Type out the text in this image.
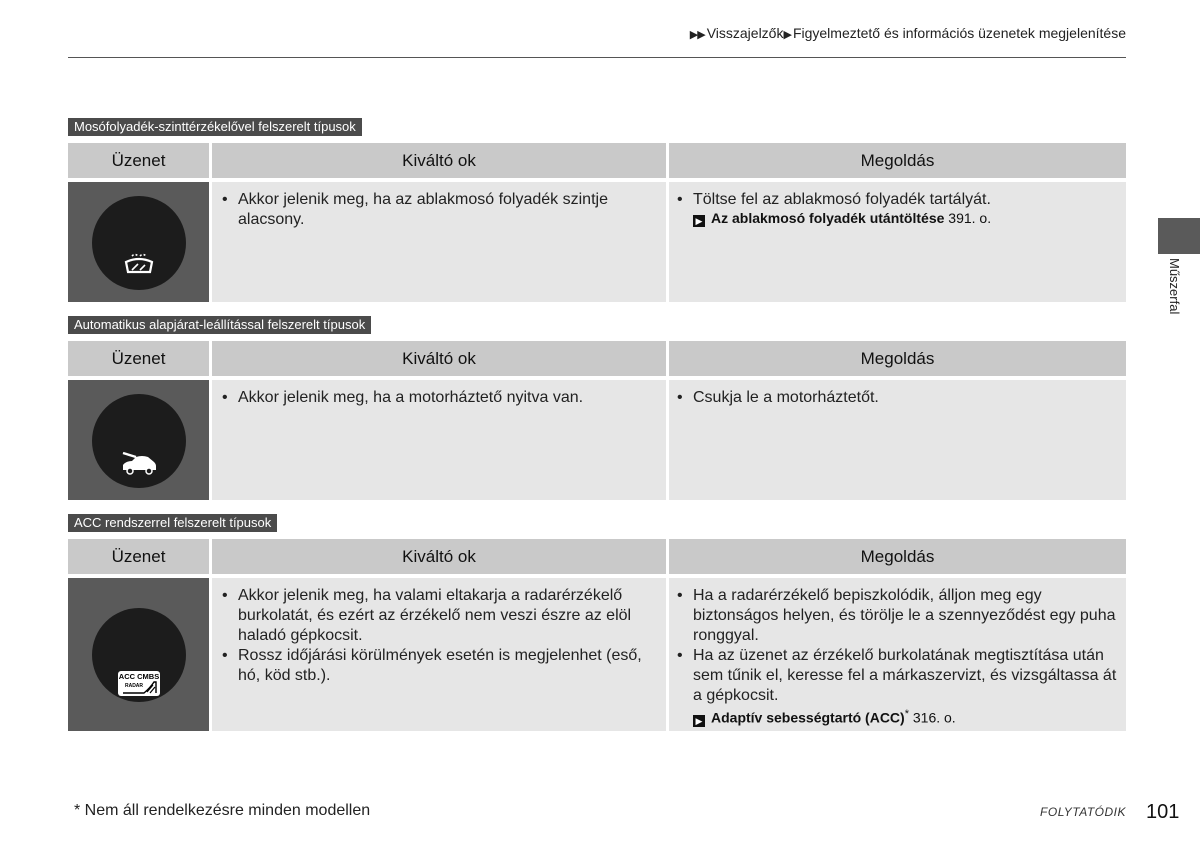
▶▶ Visszajelzők▶ Figyelmeztető és információs üzenetek megjelenítése
Mosófolyadék-szinttérzékelővel felszerelt típusok
Üzenet	Kiváltó ok	Megoldás
• Akkor jelenik meg, ha az ablakmosó folyadék szintje alacsony.
• Töltse fel az ablakmosó folyadék tartályát.
▶ Az ablakmosó folyadék utántöltése 391. o.
Automatikus alapjárat-leállítással felszerelt típusok
Üzenet	Kiváltó ok	Megoldás
• Akkor jelenik meg, ha a motorháztető nyitva van.
•	Csukja le a motorháztetőt.
ACC rendszerrel felszerelt típusok
Üzenet	Kiváltó ok	Megoldás
ACC CMBS
RADAR
• Akkor jelenik meg, ha valami eltakarja a radarérzékelő burkolatát, és ezért az érzékelő nem veszi észre az elöl haladó gépkocsit.
• Rossz időjárási körülmények esetén is megjelenhet (eső, hó, köd stb.).
• Ha a radarérzékelő bepiszkolódik, álljon meg egy biztonságos helyen, és törölje le a szennyeződést egy puha ronggyal.
• Ha az üzenet az érzékelő burkolatának megtisztítása után sem tűnik el, keresse fel a márkaszervizt, és vizsgáltassa át a gépkocsit.
▶ Adaptív sebességtartó (ACC)* 316. o.
Műszerfal
* Nem áll rendelkezésre minden modellen	FOLYTATÓDIK 101
